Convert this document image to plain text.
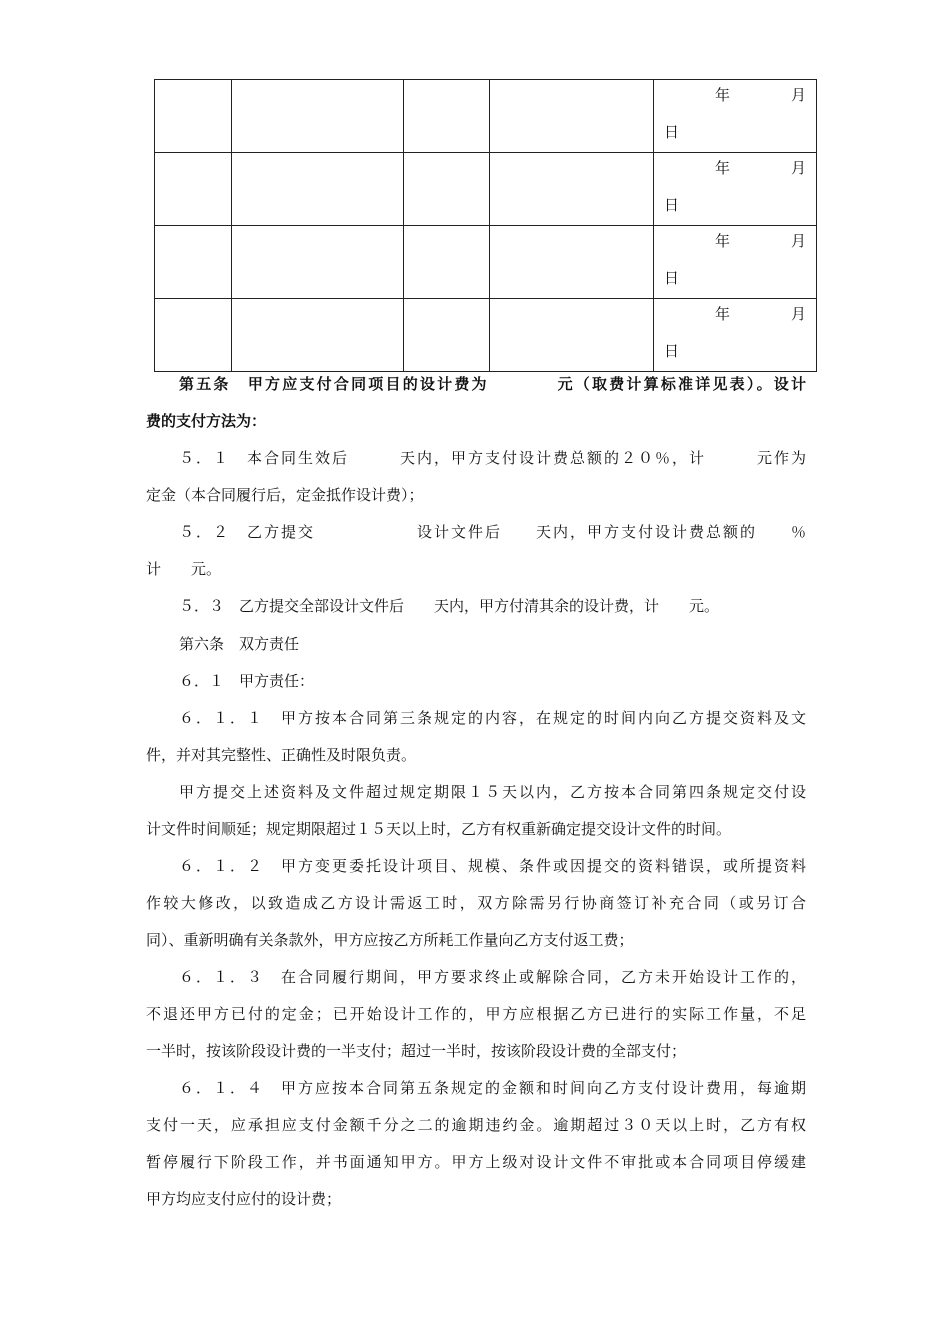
				年 月
日

				年 月
日

				年 月
日

				年 月
日
第五条　甲方应支付合同项目的设计费为　　　　元（取费计算标准详见表）。设计
费的支付方法为：
５．１　本合同生效后　　　天内，甲方支付设计费总额的２０％，计　　　元作为
定金（本合同履行后，定金抵作设计费）；
５．２　乙方提交　　　　　　设计文件后　　天内，甲方支付设计费总额的　　％
计　　元。
５．３　乙方提交全部设计文件后　　天内，甲方付清其余的设计费，计　　元。
第六条　双方责任
６．１　甲方责任：
６．１．１　甲方按本合同第三条规定的内容，在规定的时间内向乙方提交资料及文
件，并对其完整性、正确性及时限负责。
甲方提交上述资料及文件超过规定期限１５天以内，乙方按本合同第四条规定交付设
计文件时间顺延；规定期限超过１５天以上时，乙方有权重新确定提交设计文件的时间。
６．１．２　甲方变更委托设计项目、规模、条件或因提交的资料错误，或所提资料
作较大修改，以致造成乙方设计需返工时，双方除需另行协商签订补充合同（或另订合
同）、重新明确有关条款外，甲方应按乙方所耗工作量向乙方支付返工费；
６．１．３　在合同履行期间，甲方要求终止或解除合同，乙方未开始设计工作的，
不退还甲方已付的定金；已开始设计工作的，甲方应根据乙方已进行的实际工作量，不足
一半时，按该阶段设计费的一半支付；超过一半时，按该阶段设计费的全部支付；
６．１．４　甲方应按本合同第五条规定的金额和时间向乙方支付设计费用，每逾期
支付一天，应承担应支付金额千分之二的逾期违约金。逾期超过３０天以上时，乙方有权
暂停履行下阶段工作，并书面通知甲方。甲方上级对设计文件不审批或本合同项目停缓建
甲方均应支付应付的设计费；
